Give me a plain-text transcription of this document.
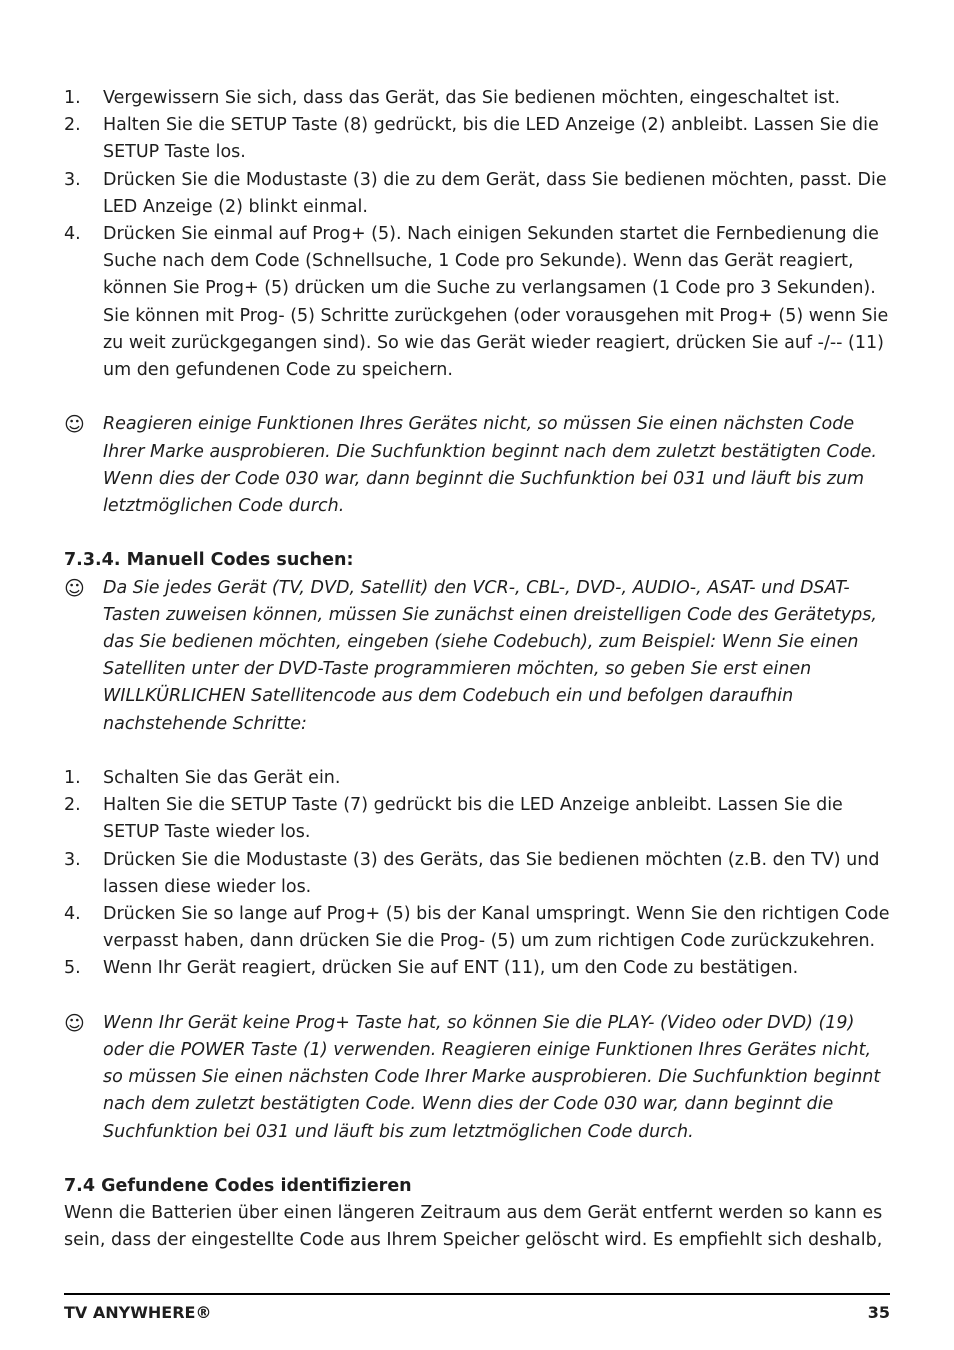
1.	Vergewissern Sie sich, dass das Gerät, das Sie bedienen möchten, eingeschaltet ist.
2.	Halten Sie die SETUP Taste (8) gedrückt, bis die LED Anzeige (2) anbleibt. Lassen Sie die SETUP Taste los.
3.	Drücken Sie die Modustaste (3) die zu dem Gerät, dass Sie bedienen möchten, passt. Die LED Anzeige (2) blinkt einmal.
4.	Drücken Sie einmal auf Prog+ (5). Nach einigen Sekunden startet die Fernbedienung die Suche nach dem Code (Schnellsuche, 1 Code pro Sekunde). Wenn das Gerät reagiert, können Sie Prog+ (5) drücken um die Suche zu verlangsamen (1 Code pro 3 Sekunden). Sie können mit Prog- (5) Schritte zurückgehen (oder vorausgehen mit Prog+ (5) wenn Sie zu weit zurückgegangen sind). So wie das Gerät wieder reagiert, drücken Sie auf -/-- (11) um den gefundenen Code zu speichern.
☺	Reagieren einige Funktionen Ihres Gerätes nicht, so müssen Sie einen nächsten Code Ihrer Marke ausprobieren. Die Suchfunktion beginnt nach dem zuletzt bestätigten Code. Wenn dies der Code 030 war, dann beginnt die Suchfunktion bei 031 und läuft bis zum letztmöglichen Code durch.
7.3.4. Manuell Codes suchen:
☺	Da Sie jedes Gerät (TV, DVD, Satellit) den VCR-, CBL-, DVD-, AUDIO-, ASAT- und DSAT-Tasten zuweisen können, müssen Sie zunächst einen dreistelligen Code des Gerätetyps, das Sie bedienen möchten, eingeben (siehe Codebuch), zum Beispiel: Wenn Sie einen Satelliten unter der DVD-Taste programmieren möchten, so geben Sie erst einen WILLKÜRLICHEN Satellitencode aus dem Codebuch ein und befolgen daraufhin nachstehende Schritte:
1.	Schalten Sie das Gerät ein.
2.	Halten Sie die SETUP Taste (7) gedrückt bis die LED Anzeige anbleibt. Lassen Sie die SETUP Taste wieder los.
3.	Drücken Sie die Modustaste (3) des Geräts, das Sie bedienen möchten (z.B. den TV) und lassen diese wieder los.
4.	Drücken Sie so lange auf Prog+ (5) bis der Kanal umspringt. Wenn Sie den richtigen Code verpasst haben, dann drücken Sie die Prog- (5) um zum richtigen Code zurückzukehren.
5.	Wenn Ihr Gerät reagiert, drücken Sie auf ENT (11), um den Code zu bestätigen.
☺	Wenn Ihr Gerät keine Prog+ Taste hat, so können Sie die PLAY- (Video oder DVD) (19) oder die POWER Taste (1) verwenden. Reagieren einige Funktionen Ihres Gerätes nicht, so müssen Sie einen nächsten Code Ihrer Marke ausprobieren. Die Suchfunktion beginnt nach dem zuletzt bestätigten Code. Wenn dies der Code 030 war, dann beginnt die Suchfunktion bei 031 und läuft bis zum letztmöglichen Code durch.
7.4 Gefundene Codes identifizieren
Wenn die Batterien über einen längeren Zeitraum aus dem Gerät entfernt werden so kann es sein, dass der eingestellte Code aus Ihrem Speicher gelöscht wird. Es empfiehlt sich deshalb,
TV ANYWHERE®	35
